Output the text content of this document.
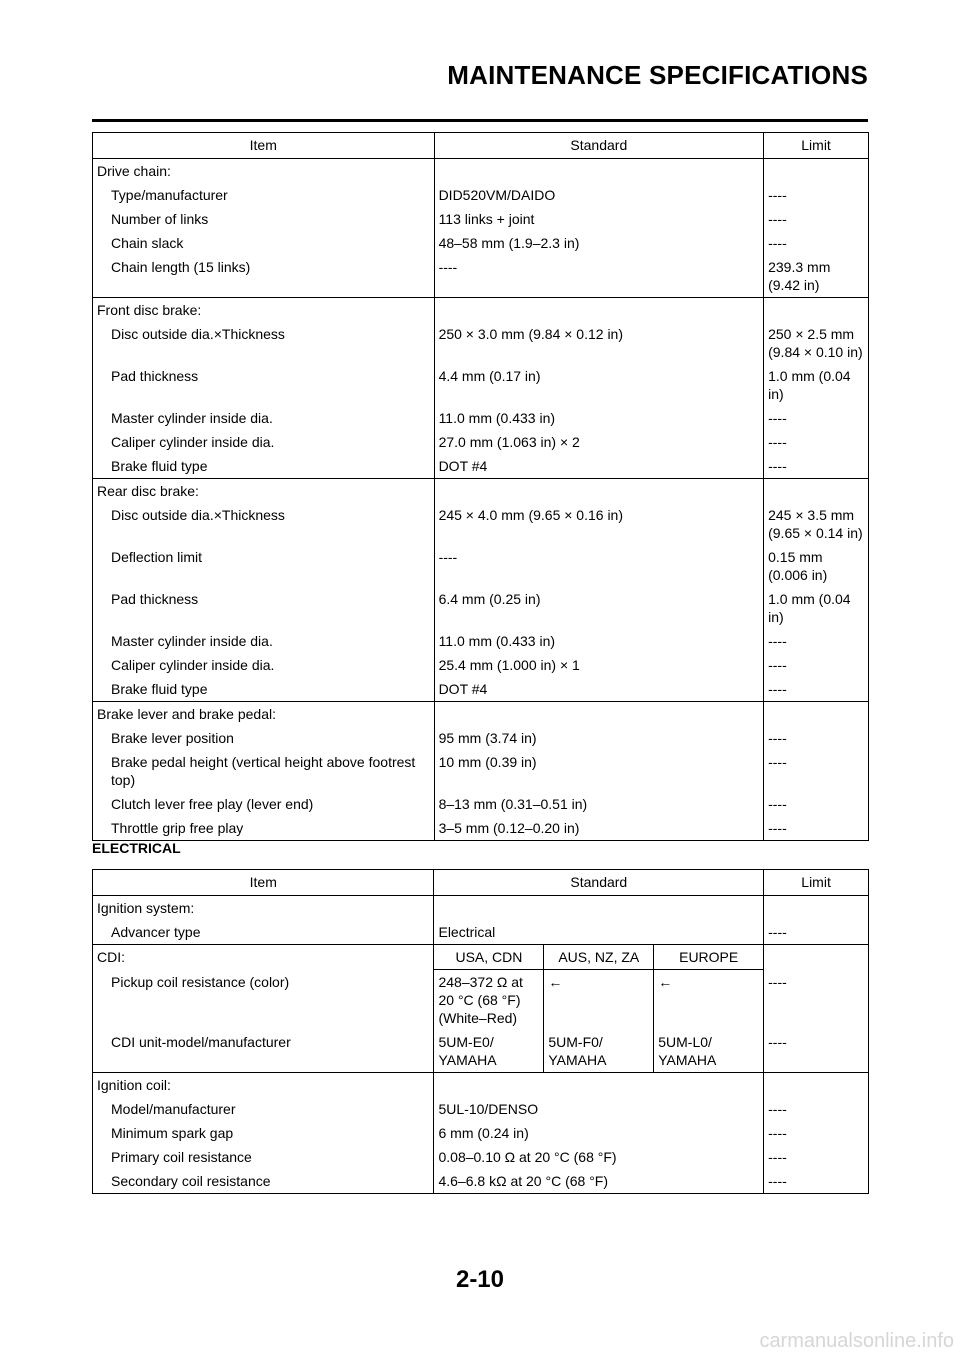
MAINTENANCE SPECIFICATIONS
Item	Standard	Limit
Drive chain:		
Type/manufacturer	DID520VM/DAIDO	----
Number of links	113 links + joint	----
Chain slack	48–58 mm (1.9–2.3 in)	----
Chain length (15 links)	----	239.3 mm (9.42 in)
Front disc brake:		
Disc outside dia.×Thickness	250 × 3.0 mm (9.84 × 0.12 in)	250 × 2.5 mm (9.84 × 0.10 in)
Pad thickness	4.4 mm (0.17 in)	1.0 mm (0.04 in)
Master cylinder inside dia.	11.0 mm (0.433 in)	----
Caliper cylinder inside dia.	27.0 mm (1.063 in) × 2	----
Brake fluid type	DOT #4	----
Rear disc brake:		
Disc outside dia.×Thickness	245 × 4.0 mm (9.65 × 0.16 in)	245 × 3.5 mm (9.65 × 0.14 in)
Deflection limit	----	0.15 mm (0.006 in)
Pad thickness	6.4 mm (0.25 in)	1.0 mm (0.04 in)
Master cylinder inside dia.	11.0 mm (0.433 in)	----
Caliper cylinder inside dia.	25.4 mm (1.000 in) × 1	----
Brake fluid type	DOT #4	----
Brake lever and brake pedal:		
Brake lever position	95 mm (3.74 in)	----
Brake pedal height (vertical height above footrest top)	10 mm (0.39 in)	----
Clutch lever free play (lever end)	8–13 mm (0.31–0.51 in)	----
Throttle grip free play	3–5 mm (0.12–0.20 in)	----
ELECTRICAL
Item	Standard			Limit
Ignition system:				
Advancer type	Electrical			----
CDI:	USA, CDN	AUS, NZ, ZA	EUROPE	
Pickup coil resistance (color)	248–372 Ω at 20 °C (68 °F) (White–Red)	←	←	----
CDI unit-model/manufacturer	5UM-E0/ YAMAHA	5UM-F0/ YAMAHA	5UM-L0/ YAMAHA	----
Ignition coil:				
Model/manufacturer	5UL-10/DENSO			----
Minimum spark gap	6 mm (0.24 in)			----
Primary coil resistance	0.08–0.10 Ω at 20 °C (68 °F)			----
Secondary coil resistance	4.6–6.8 kΩ at 20 °C (68 °F)			----
2-10
carmanualsonline.info
